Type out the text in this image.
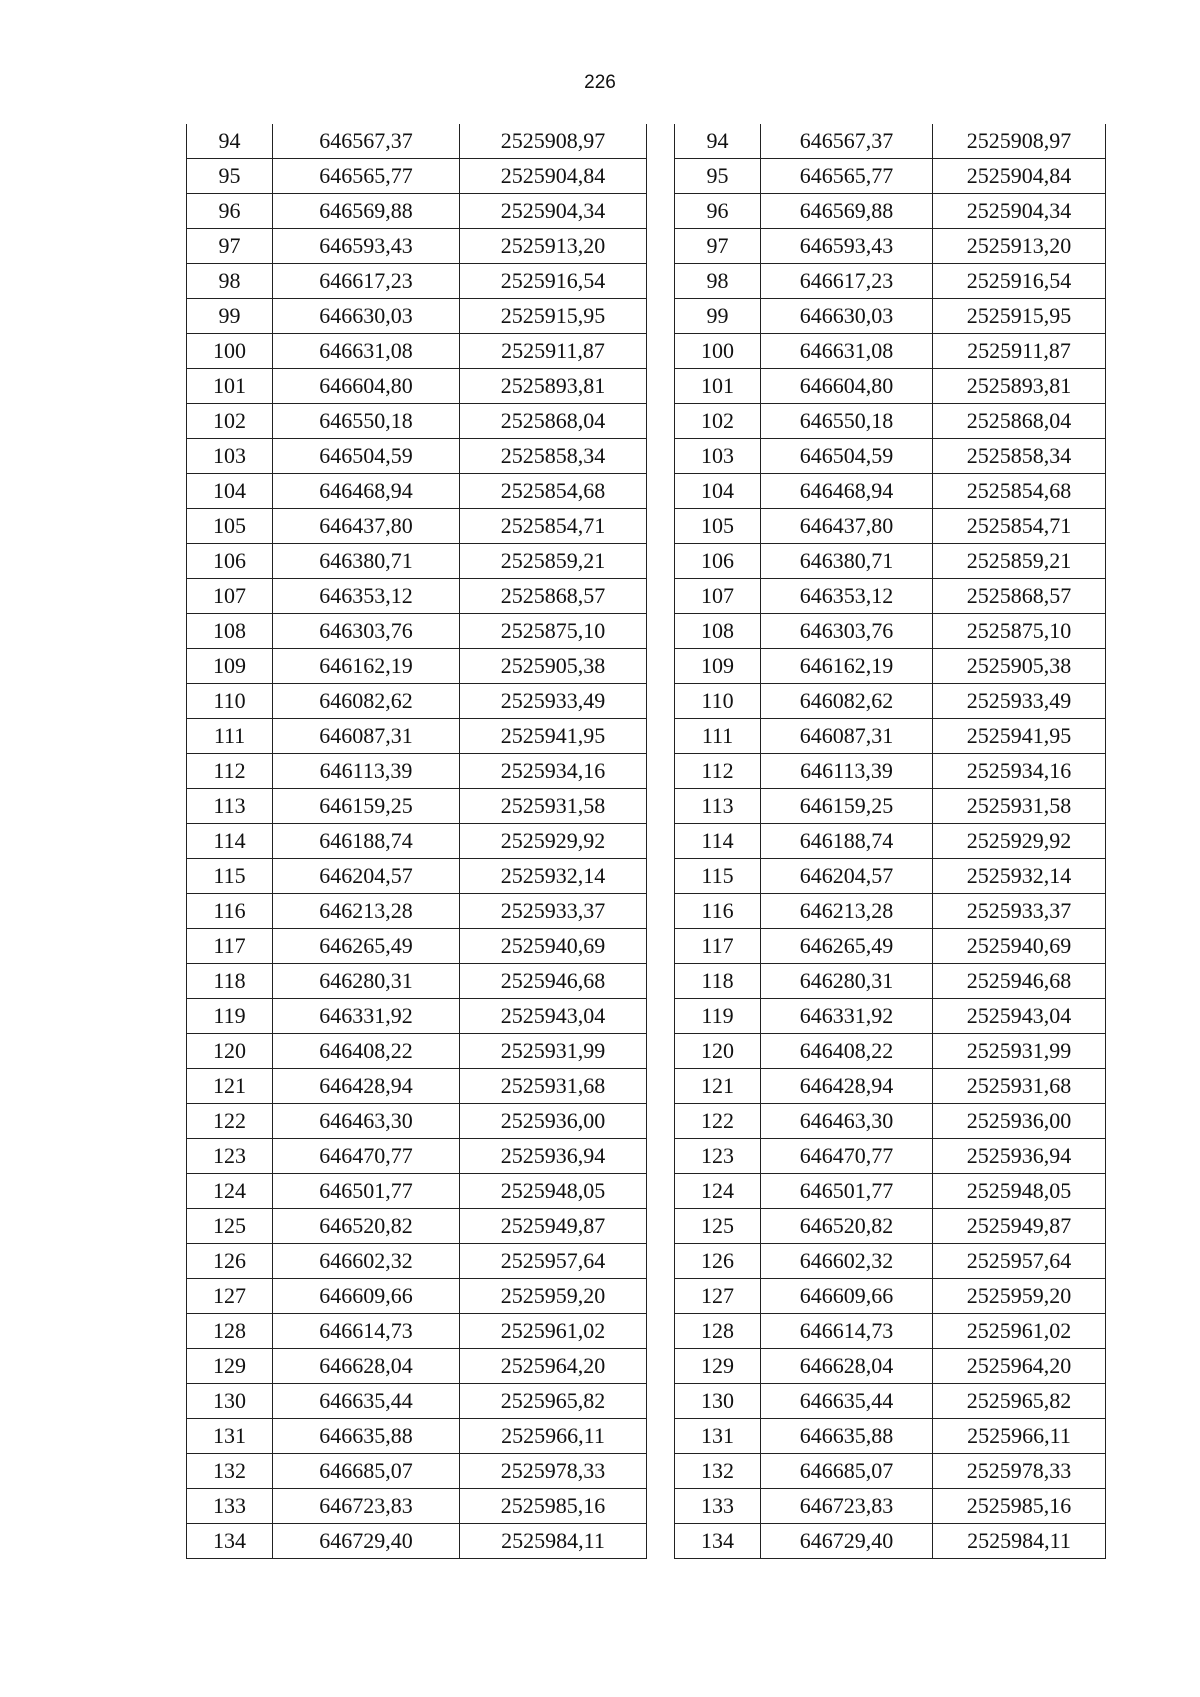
226
94	646567,37	2525908,97
95	646565,77	2525904,84
96	646569,88	2525904,34
97	646593,43	2525913,20
98	646617,23	2525916,54
99	646630,03	2525915,95
100	646631,08	2525911,87
101	646604,80	2525893,81
102	646550,18	2525868,04
103	646504,59	2525858,34
104	646468,94	2525854,68
105	646437,80	2525854,71
106	646380,71	2525859,21
107	646353,12	2525868,57
108	646303,76	2525875,10
109	646162,19	2525905,38
110	646082,62	2525933,49
111	646087,31	2525941,95
112	646113,39	2525934,16
113	646159,25	2525931,58
114	646188,74	2525929,92
115	646204,57	2525932,14
116	646213,28	2525933,37
117	646265,49	2525940,69
118	646280,31	2525946,68
119	646331,92	2525943,04
120	646408,22	2525931,99
121	646428,94	2525931,68
122	646463,30	2525936,00
123	646470,77	2525936,94
124	646501,77	2525948,05
125	646520,82	2525949,87
126	646602,32	2525957,64
127	646609,66	2525959,20
128	646614,73	2525961,02
129	646628,04	2525964,20
130	646635,44	2525965,82
131	646635,88	2525966,11
132	646685,07	2525978,33
133	646723,83	2525985,16
134	646729,40	2525984,11
94	646567,37	2525908,97
95	646565,77	2525904,84
96	646569,88	2525904,34
97	646593,43	2525913,20
98	646617,23	2525916,54
99	646630,03	2525915,95
100	646631,08	2525911,87
101	646604,80	2525893,81
102	646550,18	2525868,04
103	646504,59	2525858,34
104	646468,94	2525854,68
105	646437,80	2525854,71
106	646380,71	2525859,21
107	646353,12	2525868,57
108	646303,76	2525875,10
109	646162,19	2525905,38
110	646082,62	2525933,49
111	646087,31	2525941,95
112	646113,39	2525934,16
113	646159,25	2525931,58
114	646188,74	2525929,92
115	646204,57	2525932,14
116	646213,28	2525933,37
117	646265,49	2525940,69
118	646280,31	2525946,68
119	646331,92	2525943,04
120	646408,22	2525931,99
121	646428,94	2525931,68
122	646463,30	2525936,00
123	646470,77	2525936,94
124	646501,77	2525948,05
125	646520,82	2525949,87
126	646602,32	2525957,64
127	646609,66	2525959,20
128	646614,73	2525961,02
129	646628,04	2525964,20
130	646635,44	2525965,82
131	646635,88	2525966,11
132	646685,07	2525978,33
133	646723,83	2525985,16
134	646729,40	2525984,11
